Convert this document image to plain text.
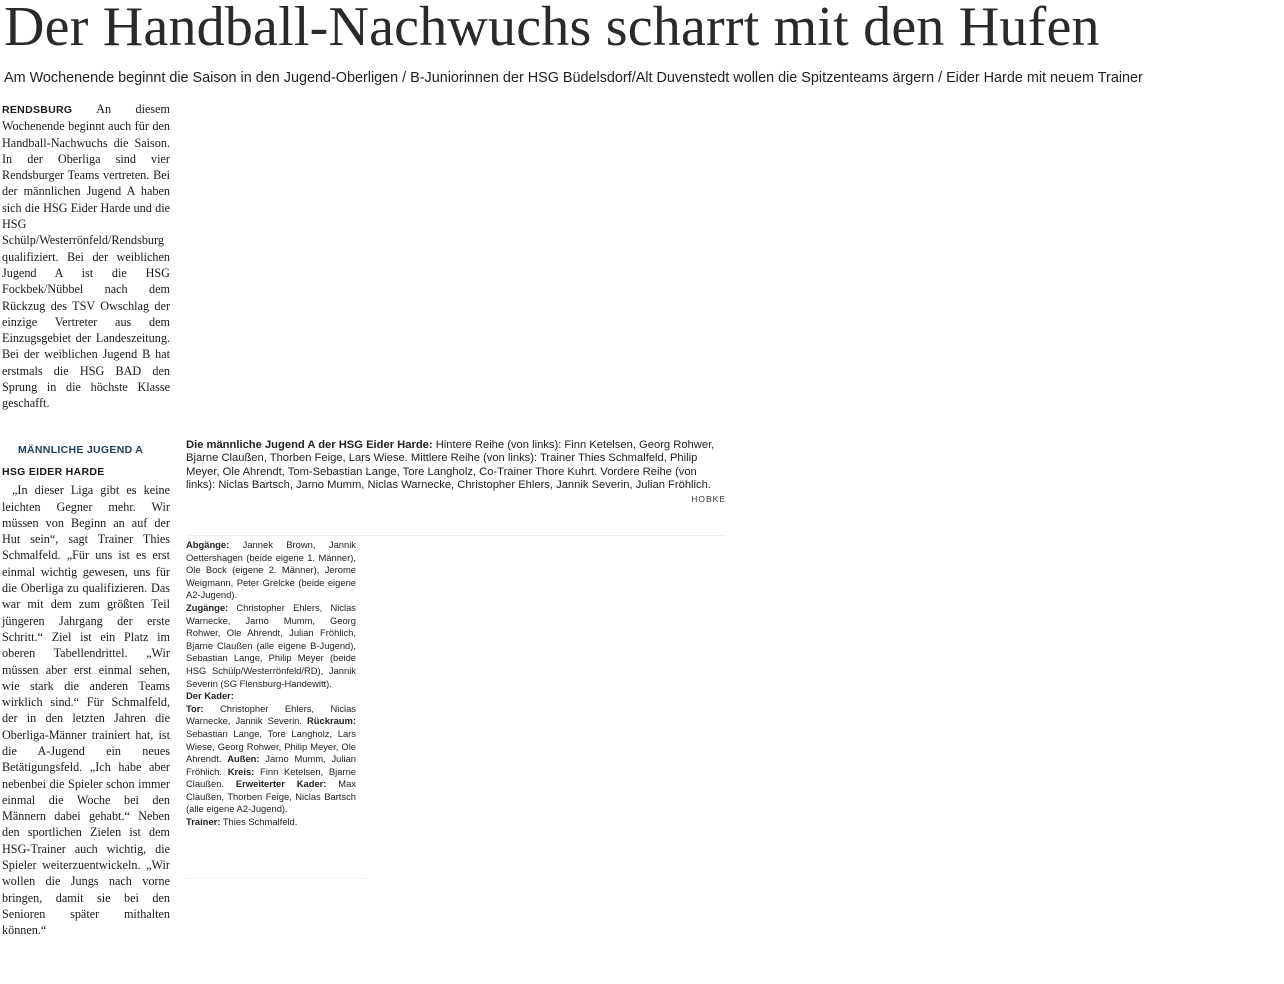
Der Handball-Nachwuchs scharrt mit den Hufen

Am Wochenende beginnt die Saison in den Jugend-Oberligen / B-Juniorinnen der HSG Büdelsdorf/Alt Duvenstedt wollen die Spitzenteams ärgern / Eider Harde mit neuem Trainer

RENDSBURG An diesem Wochenende beginnt auch für den Handball-Nachwuchs die Saison. In der Oberliga sind vier Rendsburger Teams vertreten. Bei der männlichen Jugend A haben sich die HSG Eider Harde und die HSG Schülp/Westerrönfeld/Rendsburg qualifiziert. Bei der weiblichen Jugend A ist die HSG Fockbek/Nübbel nach dem Rückzug des TSV Owschlag der einzige Vertreter aus dem Einzugsgebiet der Landeszeitung. Bei der weiblichen Jugend B hat erstmals die HSG BAD den Sprung in die höchste Klasse geschafft.

MÄNNLICHE JUGEND A

HSG EIDER HARDE

„In dieser Liga gibt es keine leichten Gegner mehr. Wir müssen von Beginn an auf der Hut sein“, sagt Trainer Thies Schmalfeld. „Für uns ist es erst einmal wichtig gewesen, uns für die Oberliga zu qualifizieren. Das war mit dem zum größten Teil jüngeren Jahrgang der erste Schritt.“ Ziel ist ein Platz im oberen Tabellendrittel. „Wir müssen aber erst einmal sehen, wie stark die anderen Teams wirklich sind.“ Für Schmalfeld, der in den letzten Jahren die Oberliga-Männer trainiert hat, ist die A-Jugend ein neues Betätigungsfeld. „Ich habe aber nebenbei die Spieler schon immer einmal die Woche bei den Männern dabei gehabt.“ Neben den sportlichen Zielen ist dem HSG-Trainer auch wichtig, die Spieler weiterzuentwickeln. „Wir wollen die Jungs nach vorne bringen, damit sie bei den Senioren später mithalten können.“

Die männliche Jugend A der HSG Eider Harde: Hintere Reihe (von links): Finn Ketelsen, Georg Rohwer, Bjarne Claußen, Thorben Feige, Lars Wiese. Mittlere Reihe (von links): Trainer Thies Schmalfeld, Philip Meyer, Ole Ahrendt, Tom-Sebastian Lange, Tore Langholz, Co-Trainer Thore Kuhrt. Vordere Reihe (von links): Niclas Bartsch, Jarno Mumm, Niclas Warnecke, Christopher Ehlers, Jannik Severin, Julian Fröhlich.
HOBKE

Abgänge: Jannek Brown, Jannik Oettershagen (beide eigene 1. Männer), Ole Bock (eigene 2. Männer), Jerome Weigmann, Peter Grelcke (beide eigene A2-Jugend).

Zugänge: Christopher Ehlers, Niclas Warnecke, Jarno Mumm, Georg Rohwer, Ole Ahrendt, Julian Fröhlich, Bjarne Claußen (alle eigene B-Jugend), Sebastian Lange, Philip Meyer (beide HSG Schülp/Westerrönfeld/RD), Jannik Severin (SG Flensburg-Handewitt).

Der Kader:

Tor: Christopher Ehlers, Niclas Warnecke, Jannik Severin. Rückraum: Sebastian Lange, Tore Langholz, Lars Wiese, Georg Rohwer, Philip Meyer, Ole Ahrendt. Außen: Jarno Mumm, Julian Fröhlich. Kreis: Finn Ketelsen, Bjarne Claußen. Erweiterter Kader: Max Claußen, Thorben Feige, Niclas Bartsch (alle eigene A2-Jugend).

Trainer: Thies Schmalfeld.
